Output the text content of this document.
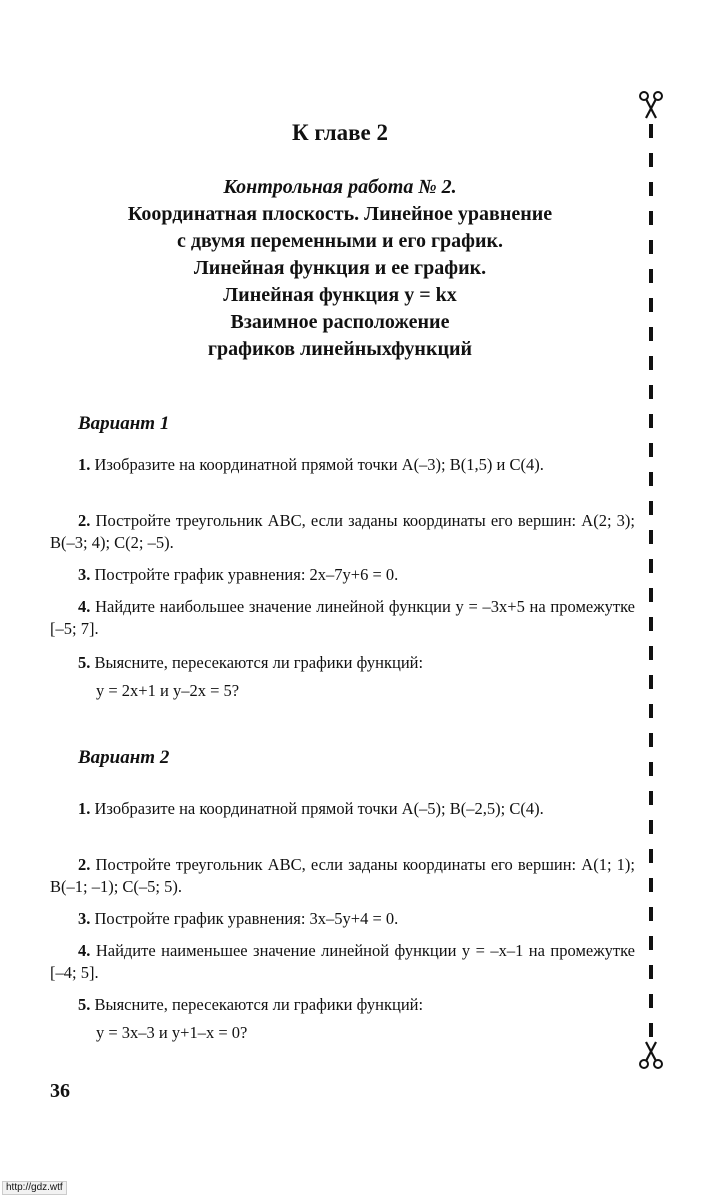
К главе 2
Контрольная работа № 2.
Координатная плоскость. Линейное уравнение
с двумя переменными и его график.
Линейная функция и ее график.
Линейная функция y = kx
Взаимное расположение
графиков линейныхфункций
Вариант 1
1. Изобразите на координатной прямой точки A(–3); B(1,5) и C(4).
2. Постройте треугольник ABC, если заданы координаты его вершин: A(2; 3); B(–3; 4); C(2; –5).
3. Постройте график уравнения: 2x–7y+6 = 0.
4. Найдите наибольшее значение линейной функции y = –3x+5 на промежутке [–5; 7].
5. Выясните, пересекаются ли графики функций:
y = 2x+1 и y–2x = 5?
Вариант 2
1. Изобразите на координатной прямой точки A(–5); B(–2,5); C(4).
2. Постройте треугольник ABC, если заданы координаты его вершин: A(1; 1); B(–1; –1); C(–5; 5).
3. Постройте график уравнения: 3x–5y+4 = 0.
4. Найдите наименьшее значение линейной функции y = –x–1 на промежутке [–4; 5].
5. Выясните, пересекаются ли графики функций:
y = 3x–3 и y+1–x = 0?
36
http://gdz.wtf
